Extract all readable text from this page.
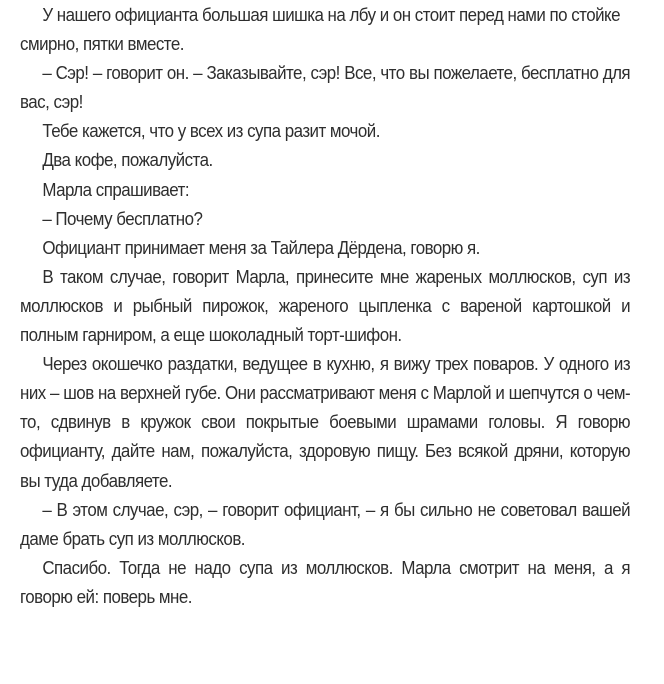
У нашего официанта большая шишка на лбу и он стоит перед нами по стойке смирно, пятки вместе.

– Сэр! – говорит он. – Заказывайте, сэр! Все, что вы пожелаете, бесплатно для вас, сэр!

Тебе кажется, что у всех из супа разит мочой.

Два кофе, пожалуйста.

Марла спрашивает:

– Почему бесплатно?

Официант принимает меня за Тайлера Дёрдена, говорю я.

В таком случае, говорит Марла, принесите мне жареных моллюсков, суп из моллюсков и рыбный пирожок, жареного цыпленка с вареной картошкой и полным гарниром, а еще шоколадный торт-шифон.

Через окошечко раздатки, ведущее в кухню, я вижу трех поваров. У одного из них – шов на верхней губе. Они рассматривают меня с Марлой и шепчутся о чем-то, сдвинув в кружок свои покрытые боевыми шрамами головы. Я говорю официанту, дайте нам, пожалуйста, здоровую пищу. Без всякой дряни, которую вы туда добавляете.

– В этом случае, сэр, – говорит официант, – я бы сильно не советовал вашей даме брать суп из моллюсков.

Спасибо. Тогда не надо супа из моллюсков. Марла смотрит на меня, а я говорю ей: поверь мне.
